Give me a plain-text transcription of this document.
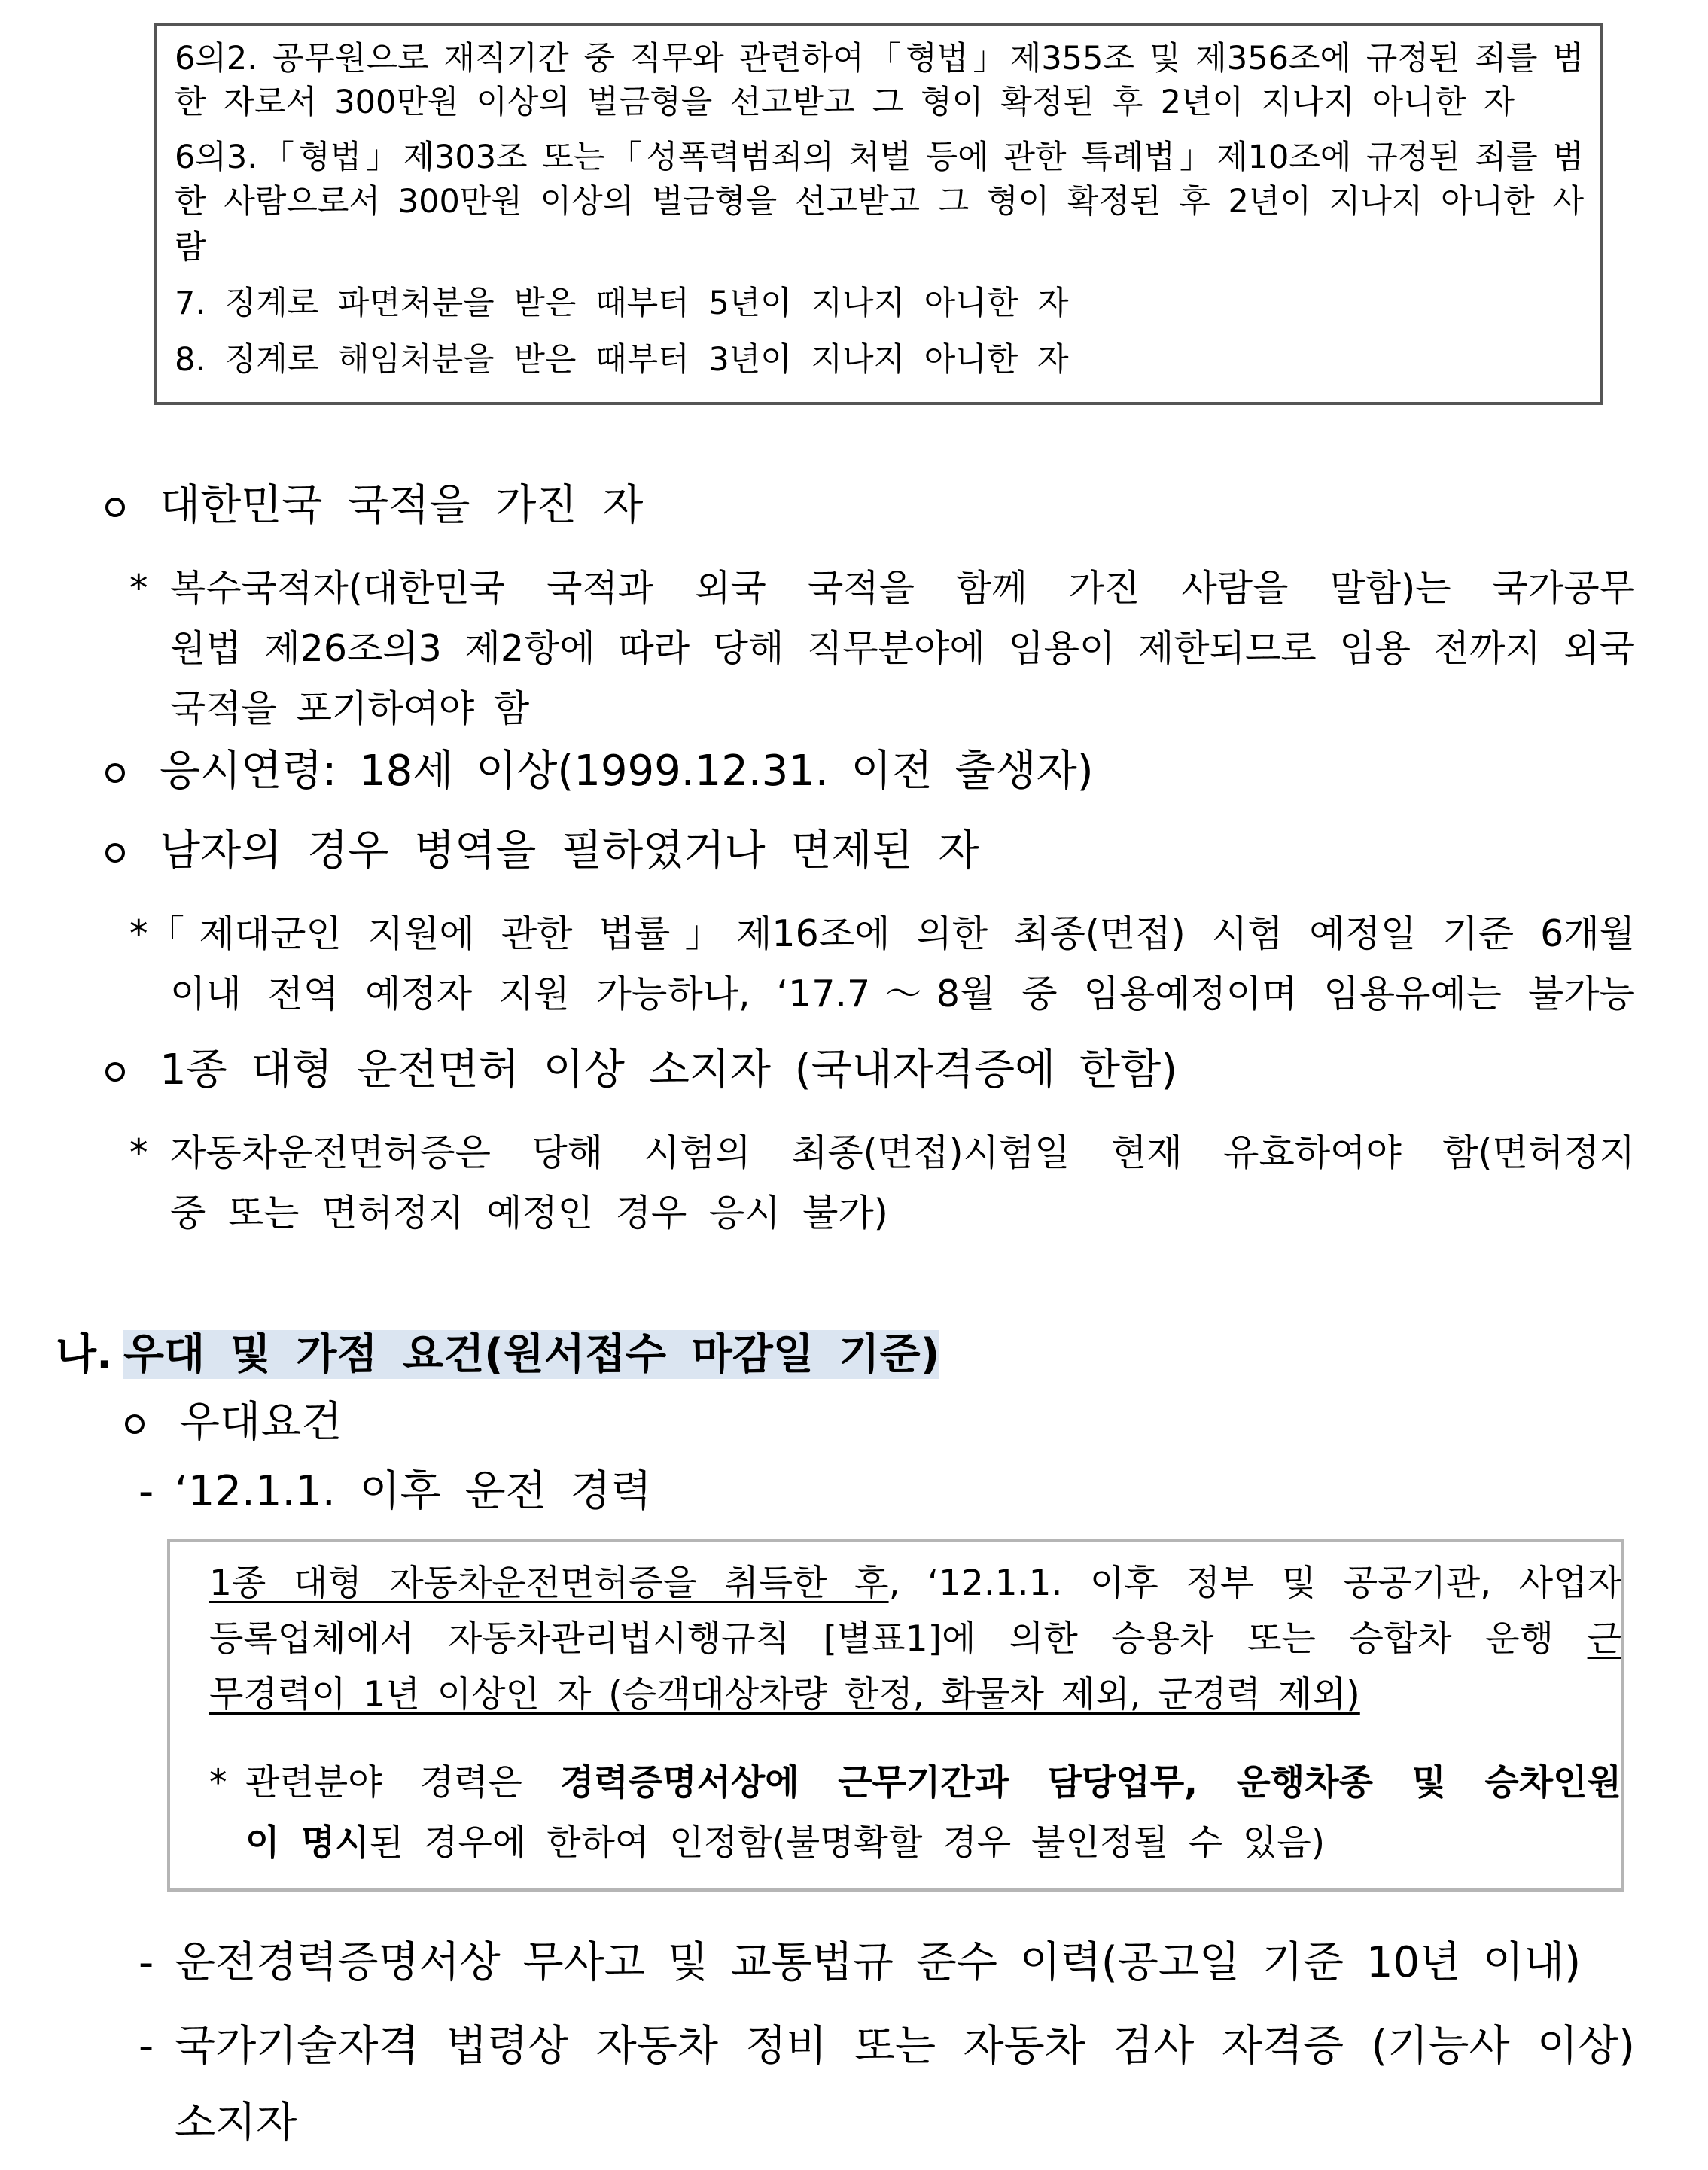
6의2. 공무원으로 재직기간 중 직무와 관련하여「형법」제355조 및 제356조에 규정된 죄를 범
한 자로서 300만원 이상의 벌금형을 선고받고 그 형이 확정된 후 2년이 지나지 아니한 자
6의3.「형법」제303조 또는「성폭력범죄의 처벌 등에 관한 특례법」제10조에 규정된 죄를 범
한 사람으로서 300만원 이상의 벌금형을 선고받고 그 형이 확정된 후 2년이 지나지 아니한 사
람
7. 징계로 파면처분을 받은 때부터 5년이 지나지 아니한 자
8. 징계로 해임처분을 받은 때부터 3년이 지나지 아니한 자
대한민국 국적을 가진 자
* 복수국적자(대한민국 국적과 외국 국적을 함께 가진 사람을 말함)는 국가공무
원법 제26조의3 제2항에 따라 당해 직무분야에 임용이 제한되므로 임용 전까지 외국
국적을 포기하여야 함
응시연령: 18세 이상(1999.12.31. 이전 출생자)
남자의 경우 병역을 필하였거나 면제된 자
* 「제대군인 지원에 관한 법률」제16조에 의한 최종(면접) 시험 예정일 기준 6개월
이내 전역 예정자 지원 가능하나, ‘17.7～8월 중 임용예정이며 임용유예는 불가능
1종 대형 운전면허 이상 소지자 (국내자격증에 한함)
* 자동차운전면허증은 당해 시험의 최종(면접)시험일 현재 유효하여야 함(면허정지
중 또는 면허정지 예정인 경우 응시 불가)
나. 우대 및 가점 요건(원서접수 마감일 기준)
우대요건
- ‘12.1.1. 이후 운전 경력
1종 대형 자동차운전면허증을 취득한 후, ‘12.1.1. 이후 정부 및 공공기관, 사업자
등록업체에서 자동차관리법시행규칙 [별표1]에 의한 승용차 또는 승합차 운행 근
무경력이 1년 이상인 자 (승객대상차량 한정, 화물차 제외, 군경력 제외)
* 관련분야 경력은 경력증명서상에 근무기간과 담당업무, 운행차종 및 승차인원
이 명시된 경우에 한하여 인정함(불명확할 경우 불인정될 수 있음)
- 운전경력증명서상 무사고 및 교통법규 준수 이력(공고일 기준 10년 이내)
- 국가기술자격 법령상 자동차 정비 또는 자동차 검사 자격증 (기능사 이상)
소지자
